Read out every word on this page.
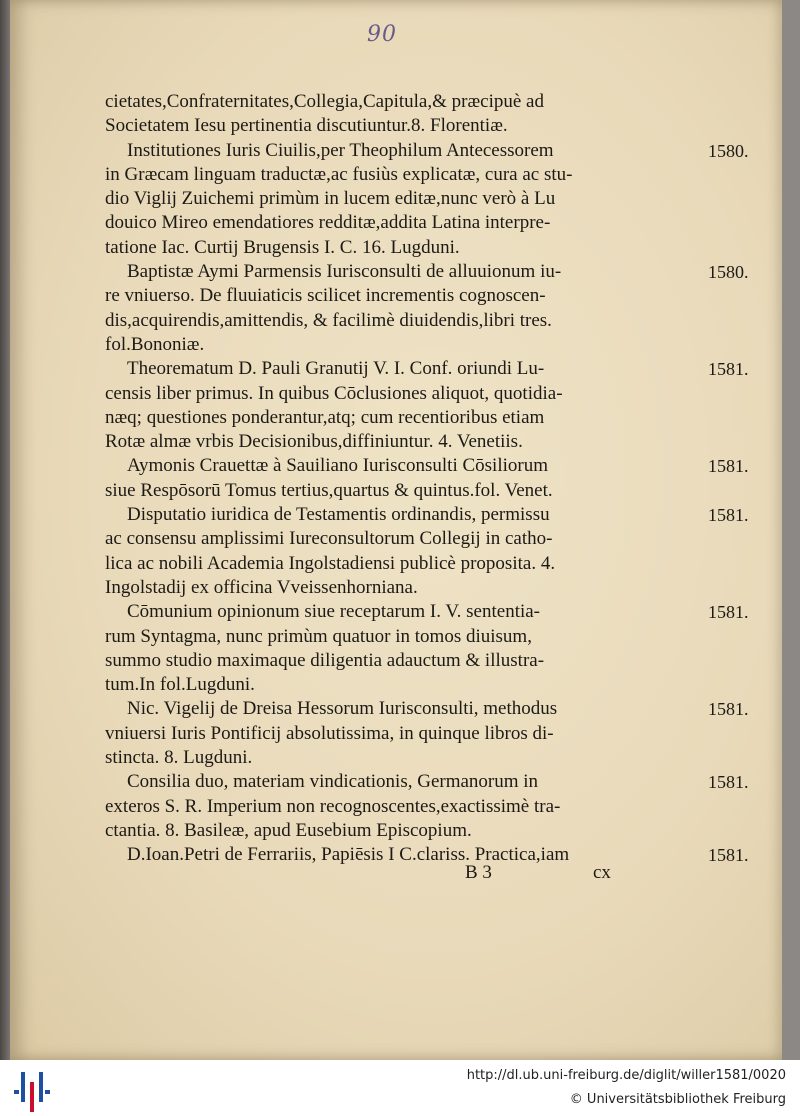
90
cietates,Confraternitates,Collegia,Capitula,& præcipuè ad
Societatem Iesu pertinentia discutiuntur.8. Florentiæ.
Institutiones Iuris Ciuilis,per Theophilum Antecessorem	1580.
in Græcam linguam traductæ,ac fusiùs explicatæ, cura ac stu-
dio Viglij Zuichemi primùm in lucem editæ,nunc verò à Lu
douico Mireo emendatiores redditæ,addita Latina interpre-
tatione Iac. Curtij Brugensis I. C. 16. Lugduni.
Baptistæ Aymi Parmensis Iurisconsulti de alluuionum iu-	1580.
re vniuerso. De fluuiaticis scilicet incrementis cognoscen-
dis,acquirendis,amittendis, & facilimè diuidendis,libri tres.
fol.Bononiæ.
Theorematum D. Pauli Granutij V. I. Conf. oriundi Lu-	1581.
censis liber primus. In quibus Cōclusiones aliquot, quotidia-
næq; questiones ponderantur,atq; cum recentioribus etiam
Rotæ almæ vrbis Decisionibus,diffiniuntur. 4. Venetiis.
Aymonis Crauettæ à Sauiliano Iurisconsulti Cōsiliorum	1581.
siue Respōsorū Tomus tertius,quartus & quintus.fol. Venet.
Disputatio iuridica de Testamentis ordinandis, permissu	1581.
ac consensu amplissimi Iureconsultorum Collegij in catho-
lica ac nobili Academia Ingolstadiensi publicè proposita. 4.
Ingolstadij ex officina Vveissenhorniana.
Cōmunium opinionum siue receptarum I. V. sententia-	1581.
rum Syntagma, nunc primùm quatuor in tomos diuisum,
summo studio maximaque diligentia adauctum & illustra-
tum.In fol.Lugduni.
Nic. Vigelij de Dreisa Hessorum Iurisconsulti, methodus	1581.
vniuersi Iuris Pontificij absolutissima, in quinque libros di-
stincta. 8. Lugduni.
Consilia duo, materiam vindicationis, Germanorum in	1581.
exteros S. R. Imperium non recognoscentes,exactissimè tra-
ctantia. 8. Basileæ, apud Eusebium Episcopium.
D.Ioan.Petri de Ferrariis, Papiēsis I C.clariss. Practica,iam	1581.
B 3	cx
http://dl.ub.uni-freiburg.de/diglit/willer1581/0020
© Universitätsbibliothek Freiburg
